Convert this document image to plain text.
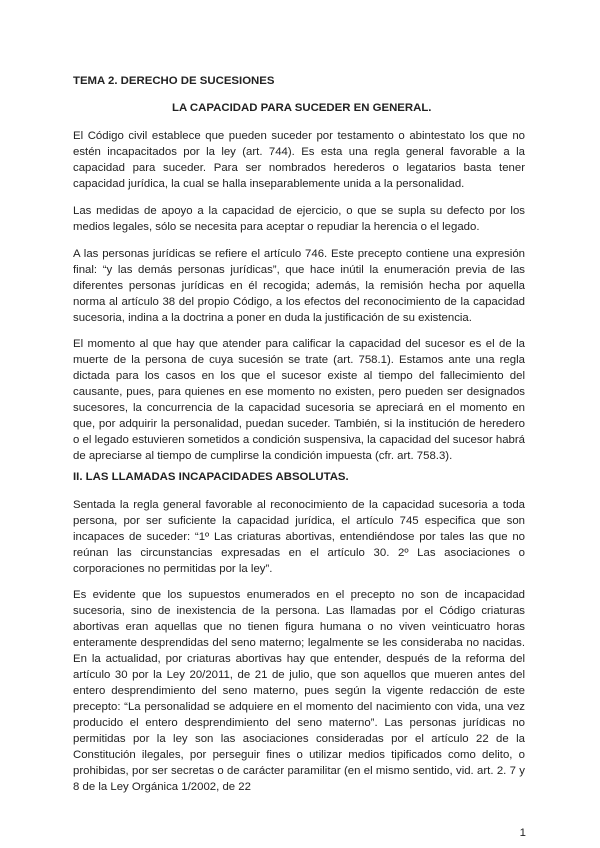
TEMA 2. DERECHO DE SUCESIONES
LA CAPACIDAD PARA SUCEDER EN GENERAL.

El Código civil establece que pueden suceder por testamento o abintestato los que no estén incapacitados por la ley (art. 744). Es esta una regla general favorable a la capacidad para suceder. Para ser nombrados herederos o legatarios basta tener capacidad jurídica, la cual se halla inseparablemente unida a la personalidad.

Las medidas de apoyo a la capacidad de ejercicio, o que se supla su defecto por los medios legales, sólo se necesita para aceptar o repudiar la herencia o el legado.

A las personas jurídicas se refiere el artículo 746. Este precepto contiene una expresión final: “y las demás personas jurídicas”, que hace inútil la enumeración previa de las diferentes personas jurídicas en él recogida; además, la remisión hecha por aquella norma al artículo 38 del propio Código, a los efectos del reconocimiento de la capacidad sucesoria, indina a la doctrina a poner en duda la justificación de su existencia.

El momento al que hay que atender para calificar la capacidad del sucesor es el de la muerte de la persona de cuya sucesión se trate (art. 758.1). Estamos ante una regla dictada para los casos en los que el sucesor existe al tiempo del fallecimiento del causante, pues, para quienes en ese momento no existen, pero pueden ser designados sucesores, la concurrencia de la capacidad sucesoria se apreciará en el momento en que, por adquirir la personalidad, puedan suceder. También, si la institución de heredero o el legado estuvieren sometidos a condición suspensiva, la capacidad del sucesor habrá de apreciarse al tiempo de cumplirse la condición impuesta (cfr. art. 758.3).

II. LAS LLAMADAS INCAPACIDADES ABSOLUTAS.

Sentada la regla general favorable al reconocimiento de la capacidad sucesoria a toda persona, por ser suficiente la capacidad jurídica, el artículo 745 especifica que son incapaces de suceder: “1º Las criaturas abortivas, entendiéndose por tales las que no reúnan las circunstancias expresadas en el artículo 30. 2º Las asociaciones o corporaciones no permitidas por la ley”.

Es evidente que los supuestos enumerados en el precepto no son de incapacidad sucesoria, sino de inexistencia de la persona. Las llamadas por el Código criaturas abortivas eran aquellas que no tienen figura humana o no viven veinticuatro horas enteramente desprendidas del seno materno; legalmente se les consideraba no nacidas. En la actualidad, por criaturas abortivas hay que entender, después de la reforma del artículo 30 por la Ley 20/2011, de 21 de julio, que son aquellos que mueren antes del entero desprendimiento del seno materno, pues según la vigente redacción de este precepto: “La personalidad se adquiere en el momento del nacimiento con vida, una vez producido el entero desprendimiento del seno materno”. Las personas jurídicas no permitidas por la ley son las asociaciones consideradas por el artículo 22 de la Constitución ilegales, por perseguir fines o utilizar medios tipificados como delito, o prohibidas, por ser secretas o de carácter paramilitar (en el mismo sentido, vid. art. 2. 7 y 8 de la Ley Orgánica 1/2002, de 22

1
